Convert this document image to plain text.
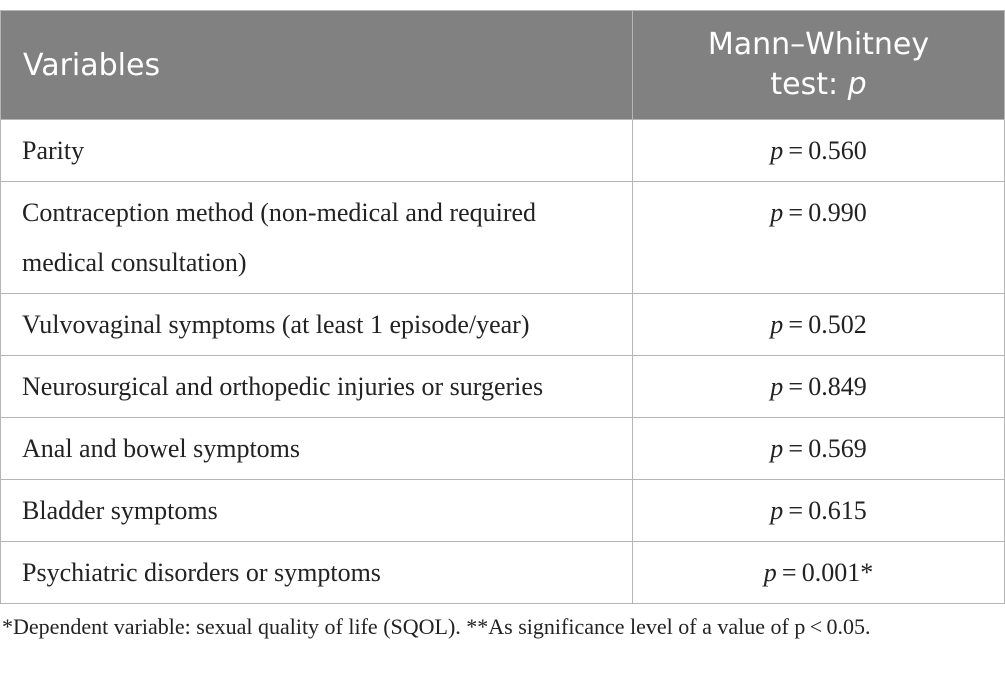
Variables	Mann–Whitney
test: p

Parity	p = 0.560
Contraception method (non-medical and required medical consultation)	p = 0.990
Vulvovaginal symptoms (at least 1 episode/year)	p = 0.502
Neurosurgical and orthopedic injuries or surgeries	p = 0.849
Anal and bowel symptoms	p = 0.569
Bladder symptoms	p = 0.615
Psychiatric disorders or symptoms	p = 0.001*
*Dependent variable: sexual quality of life (SQOL). **As significance level of a value of p < 0.05.
